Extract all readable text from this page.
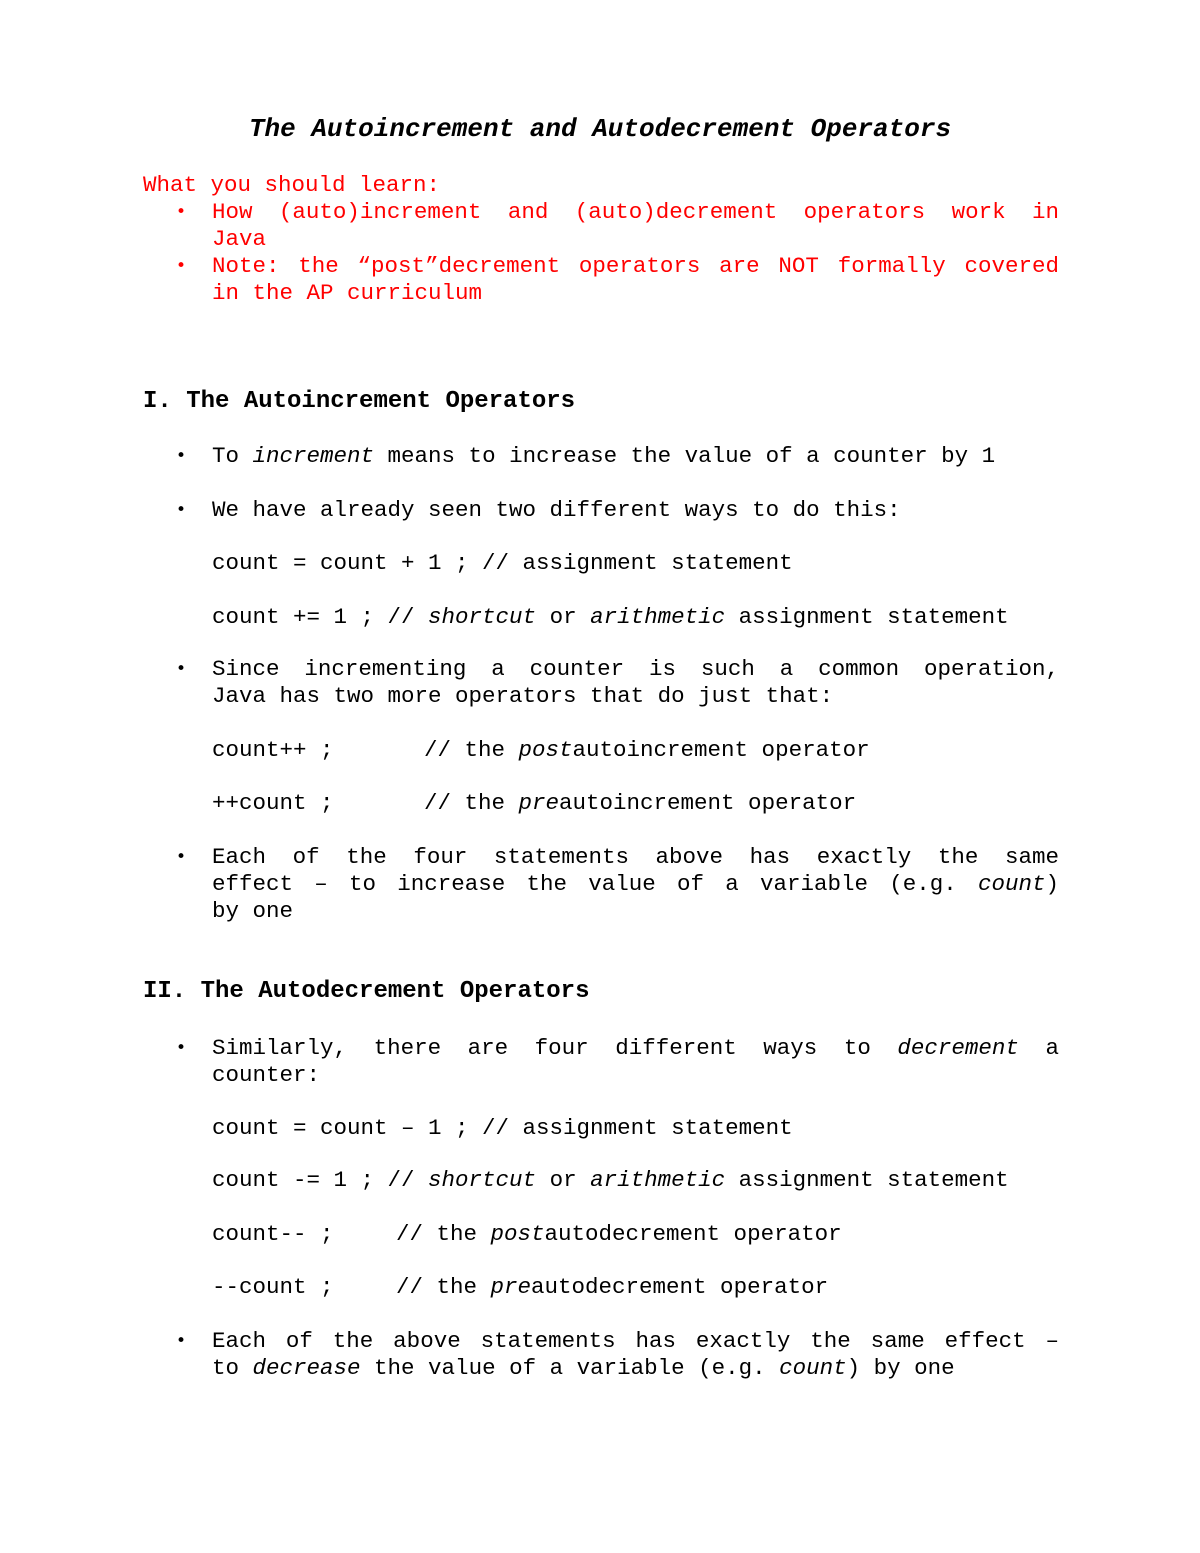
The Autoincrement and Autodecrement Operators
What you should learn:
• How (auto)increment and (auto)decrement operators work in
Java
• Note: the “post”decrement operators are NOT formally covered
in the AP curriculum
I. The Autoincrement Operators
• To increment means to increase the value of a counter by 1
• We have already seen two different ways to do this:
count = count + 1 ; // assignment statement
count += 1 ; // shortcut or arithmetic assignment statement
• Since incrementing a counter is such a common operation,
Java has two more operators that do just that:
count++ ;	// the postautoincrement operator
++count ;	// the preautoincrement operator
• Each of the four statements above has exactly the same
effect – to increase the value of a variable (e.g. count)
by one
II. The Autodecrement Operators
• Similarly, there are four different ways to decrement a
counter:
count = count – 1 ; // assignment statement
count -= 1 ; // shortcut or arithmetic assignment statement
count-- ;	// the postautodecrement operator
--count ;	// the preautodecrement operator
• Each of the above statements has exactly the same effect –
to decrease the value of a variable (e.g. count) by one
